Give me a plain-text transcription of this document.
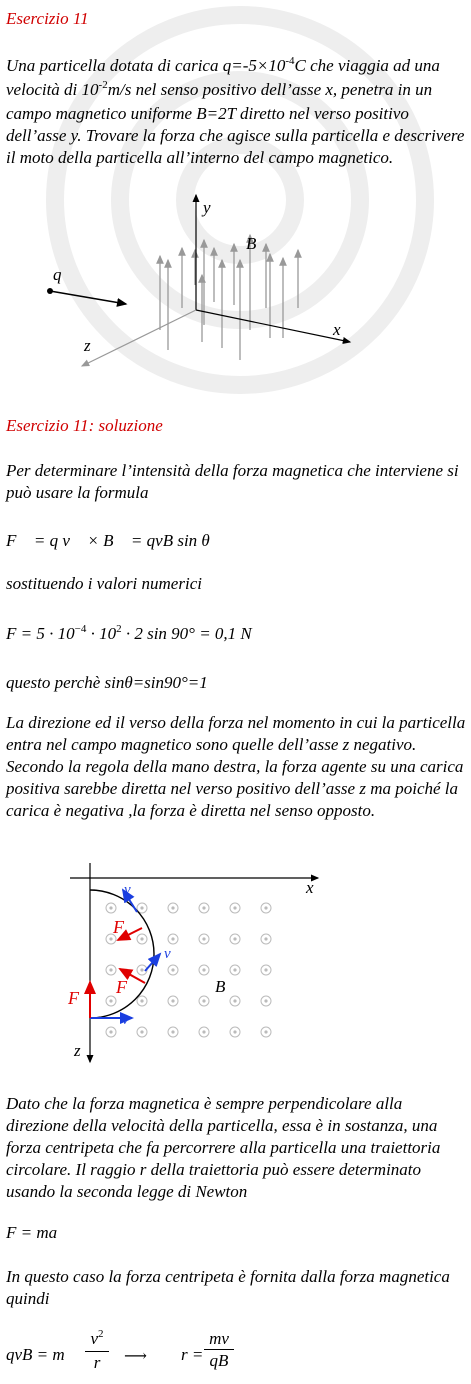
Esercizio 11
Una particella dotata di carica $q=-5\times 10^{-4}C$ che viaggia ad una velocità di $10^{-2}m/s$ nel senso positivo dell’asse x, penetra in un campo magnetico uniforme B=2T diretto nel verso positivo dell’asse y. Trovare la forza che agisce sulla particella e descrivere il moto della particella all’interno del campo magnetico.
y
x
z
q
B
Esercizio 11: soluzione
Per determinare l’intensità della forza magnetica che interviene si può usare la formula
F⃗ = q v⃗ × B⃗ = qvB sin θ
sostituendo i valori numerici
$F = 5 \cdot 10^{-4} \cdot 10^2 \cdot 2$ sin 90° = 0,1 N
questo perchè sinθ=sin90°=1
La direzione ed il verso della forza nel momento in cui la particella entra nel campo magnetico sono quelle dell’asse z negativo. Secondo la regola della mano destra, la forza agente su una carica positiva sarebbe diretta nel verso positivo dell’asse z ma poiché la carica è negativa ,la forza è diretta nel senso opposto.
x
z
B
v
v
v
F
F
F
Dato che la forza magnetica è sempre perpendicolare alla direzione della velocità della particella, essa è in sostanza, una forza centripeta che fa percorrere alla particella una traiettoria circolare. Il raggio r della traiettoria può essere determinato usando la seconda legge di Newton
F = ma
In questo caso la forza centripeta è fornita dalla forza magnetica quindi
qvB = m $\frac{v^2}{r}$ ⟶ $r = \frac{mv}{qB}$
